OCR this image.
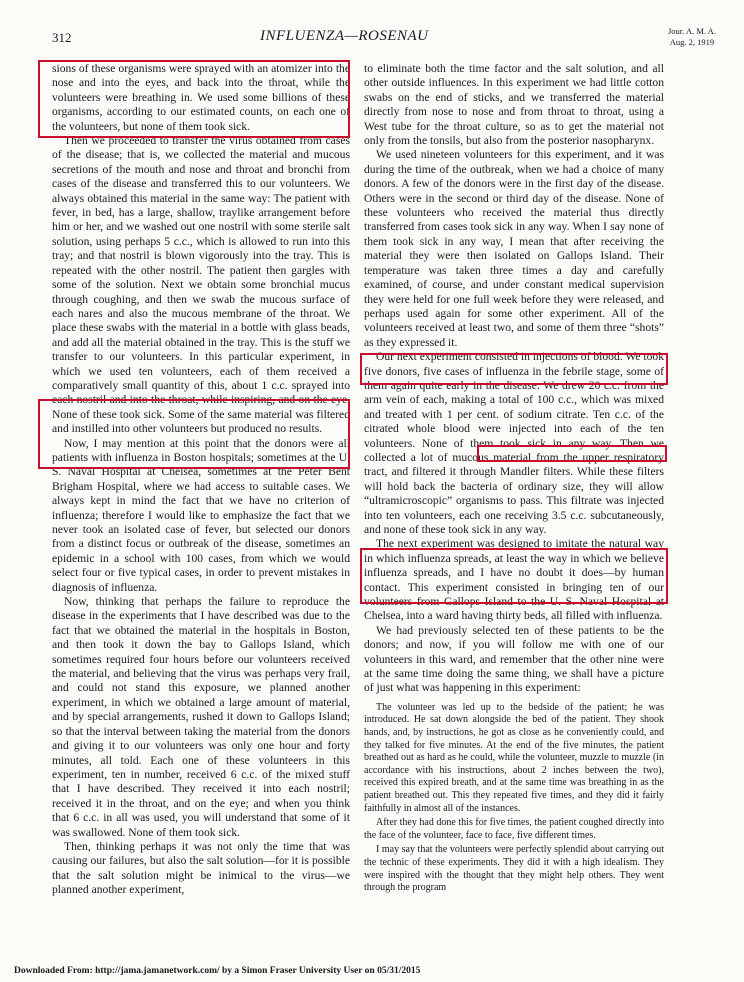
312	INFLUENZA—ROSENAU	Jour. A. M. A.
Aug. 2, 1919

sions of these organisms were sprayed with an atomizer into the nose and into the eyes, and back into the throat, while the volunteers were breathing in. We used some billions of these organisms, according to our estimated counts, on each one of the volunteers, but none of them took sick.

Then we proceeded to transfer the virus obtained from cases of the disease; that is, we collected the material and mucous secretions of the mouth and nose and throat and bronchi from cases of the disease and transferred this to our volunteers. We always obtained this material in the same way: The patient with fever, in bed, has a large, shallow, traylike arrangement before him or her, and we washed out one nostril with some sterile salt solution, using perhaps 5 c.c., which is allowed to run into this tray; and that nostril is blown vigorously into the tray. This is repeated with the other nostril. The patient then gargles with some of the solution. Next we obtain some bronchial mucus through coughing, and then we swab the mucous surface of each nares and also the mucous membrane of the throat. We place these swabs with the material in a bottle with glass beads, and add all the material obtained in the tray. This is the stuff we transfer to our volunteers. In this particular experiment, in which we used ten volunteers, each of them received a comparatively small quantity of this, about 1 c.c. sprayed into each nostril and into the throat, while inspiring, and on the eye. None of these took sick. Some of the same material was filtered and instilled into other volunteers but produced no results.

Now, I may mention at this point that the donors were all patients with influenza in Boston hospitals; sometimes at the U. S. Naval Hospital at Chelsea, sometimes at the Peter Bent Brigham Hospital, where we had access to suitable cases. We always kept in mind the fact that we have no criterion of influenza; therefore I would like to emphasize the fact that we never took an isolated case of fever, but selected our donors from a distinct focus or outbreak of the disease, sometimes an epidemic in a school with 100 cases, from which we would select four or five typical cases, in order to prevent mistakes in diagnosis of influenza.

Now, thinking that perhaps the failure to reproduce the disease in the experiments that I have described was due to the fact that we obtained the material in the hospitals in Boston, and then took it down the bay to Gallops Island, which sometimes required four hours before our volunteers received the material, and believing that the virus was perhaps very frail, and could not stand this exposure, we planned another experiment, in which we obtained a large amount of material, and by special arrangements, rushed it down to Gallops Island; so that the interval between taking the material from the donors and giving it to our volunteers was only one hour and forty minutes, all told. Each one of these volunteers in this experiment, ten in number, received 6 c.c. of the mixed stuff that I have described. They received it into each nostril; received it in the throat, and on the eye; and when you think that 6 c.c. in all was used, you will understand that some of it was swallowed. None of them took sick.

Then, thinking perhaps it was not only the time that was causing our failures, but also the salt solution—for it is possible that the salt solution might be inimical to the virus—we planned another experiment,

to eliminate both the time factor and the salt solution, and all other outside influences. In this experiment we had little cotton swabs on the end of sticks, and we transferred the material directly from nose to nose and from throat to throat, using a West tube for the throat culture, so as to get the material not only from the tonsils, but also from the posterior nasopharynx.

We used nineteen volunteers for this experiment, and it was during the time of the outbreak, when we had a choice of many donors. A few of the donors were in the first day of the disease. Others were in the second or third day of the disease. None of these volunteers who received the material thus directly transferred from cases took sick in any way. When I say none of them took sick in any way, I mean that after receiving the material they were then isolated on Gallops Island. Their temperature was taken three times a day and carefully examined, of course, and under constant medical supervision they were held for one full week before they were released, and perhaps used again for some other experiment. All of the volunteers received at least two, and some of them three “shots” as they expressed it.

Our next experiment consisted in injections of blood. We took five donors, five cases of influenza in the febrile stage, some of them again quite early in the disease. We drew 20 c.c. from the arm vein of each, making a total of 100 c.c., which was mixed and treated with 1 per cent. of sodium citrate. Ten c.c. of the citrated whole blood were injected into each of the ten volunteers. None of them took sick in any way. Then we collected a lot of mucous material from the upper respiratory tract, and filtered it through Mandler filters. While these filters will hold back the bacteria of ordinary size, they will allow “ultramicroscopic” organisms to pass. This filtrate was injected into ten volunteers, each one receiving 3.5 c.c. subcutaneously, and none of these took sick in any way.

The next experiment was designed to imitate the natural way in which influenza spreads, at least the way in which we believe influenza spreads, and I have no doubt it does—by human contact. This experiment consisted in bringing ten of our volunteers from Gallops Island to the U. S. Naval Hospital at Chelsea, into a ward having thirty beds, all filled with influenza.

We had previously selected ten of these patients to be the donors; and now, if you will follow me with one of our volunteers in this ward, and remember that the other nine were at the same time doing the same thing, we shall have a picture of just what was happening in this experiment:

The volunteer was led up to the bedside of the patient; he was introduced. He sat down alongside the bed of the patient. They shook hands, and, by instructions, he got as close as he conveniently could, and they talked for five minutes. At the end of the five minutes, the patient breathed out as hard as he could, while the volunteer, muzzle to muzzle (in accordance with his instructions, about 2 inches between the two), received this expired breath, and at the same time was breathing in as the patient breathed out. This they repeated five times, and they did it fairly faithfully in almost all of the instances.

After they had done this for five times, the patient coughed directly into the face of the volunteer, face to face, five different times.

I may say that the volunteers were perfectly splendid about carrying out the technic of these experiments. They did it with a high idealism. They were inspired with the thought that they might help others. They went through the program

Downloaded From: http://jama.jamanetwork.com/ by a Simon Fraser University User on 05/31/2015
